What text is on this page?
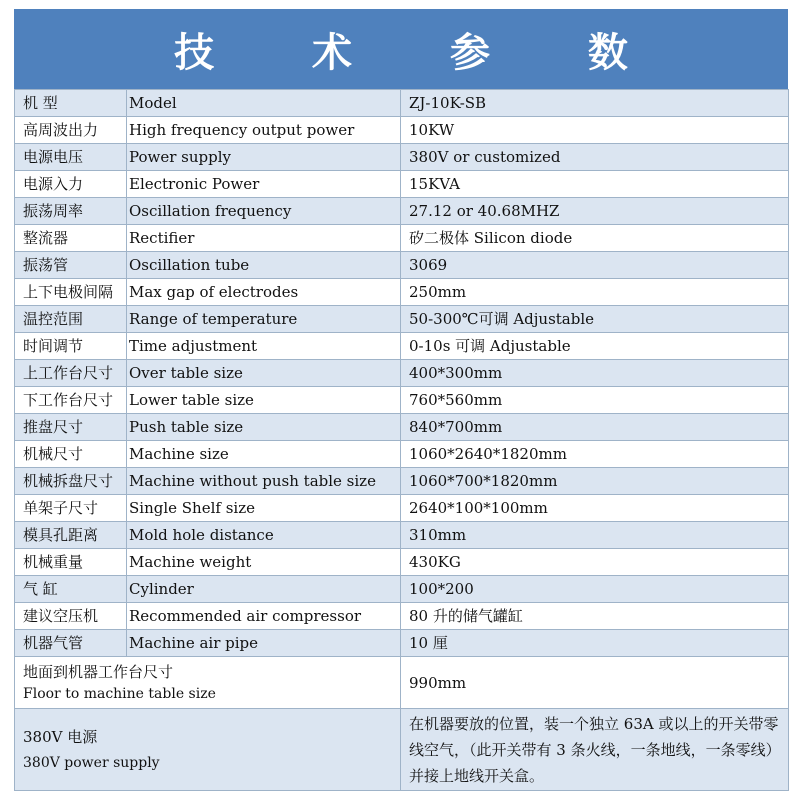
技 术 参 数
机 型	Model	ZJ-10K-SB
高周波出力	High frequency output power	10KW
电源电压	Power supply	380V or customized
电源入力	Electronic Power	15KVA
振荡周率	Oscillation frequency	27.12 or 40.68MHZ
整流器	Rectifier	矽二极体 Silicon diode
振荡管	Oscillation tube	3069
上下电极间隔	Max gap of electrodes	250mm
温控范围	Range of temperature	50-300℃可调 Adjustable
时间调节	Time adjustment	0-10s 可调 Adjustable
上工作台尺寸	Over table size	400*300mm
下工作台尺寸	Lower table size	760*560mm
推盘尺寸	Push table size	840*700mm
机械尺寸	Machine size	1060*2640*1820mm
机械拆盘尺寸	Machine without push table size	1060*700*1820mm
单架子尺寸	Single Shelf size	2640*100*100mm
模具孔距离	Mold hole distance	310mm
机械重量	Machine weight	430KG
气 缸	Cylinder	100*200
建议空压机	Recommended air compressor	80 升的储气罐缸
机器气管	Machine air pipe	10 厘

地面到机器工作台尺寸
Floor to machine table size		990mm

380V 电源
380V power supply		在机器要放的位置，装一个独立 63A 或以上的开关带零线空气，（此开关带有 3 条火线，一条地线，一条零线）并接上地线开关盒。
